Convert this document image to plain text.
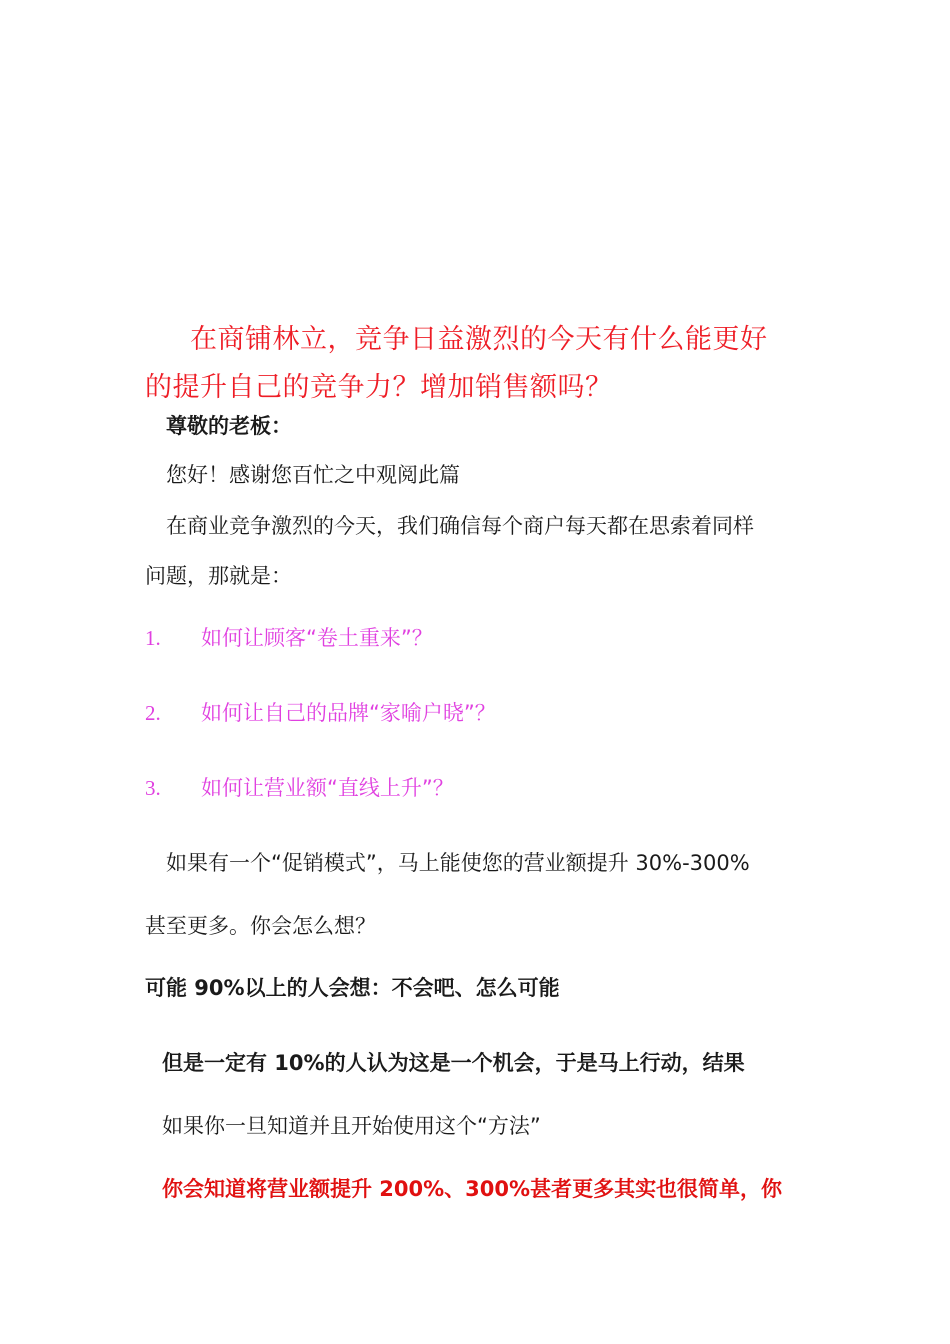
在商铺林立，竞争日益激烈的今天有什么能更好
的提升自己的竞争力？增加销售额吗？
尊敬的老板：
您好！感谢您百忙之中观阅此篇
在商业竞争激烈的今天，我们确信每个商户每天都在思索着同样
问题，那就是：
1. 如何让顾客“卷土重来”？
2. 如何让自己的品牌“家喻户晓”？
3. 如何让营业额“直线上升”？
如果有一个“促销模式”，马上能使您的营业额提升 30%-300%
甚至更多。你会怎么想？
可能 90%以上的人会想：不会吧、怎么可能
但是一定有 10%的人认为这是一个机会，于是马上行动，结果
如果你一旦知道并且开始使用这个“方法”
你会知道将营业额提升 200%、300%甚者更多其实也很简单，你
